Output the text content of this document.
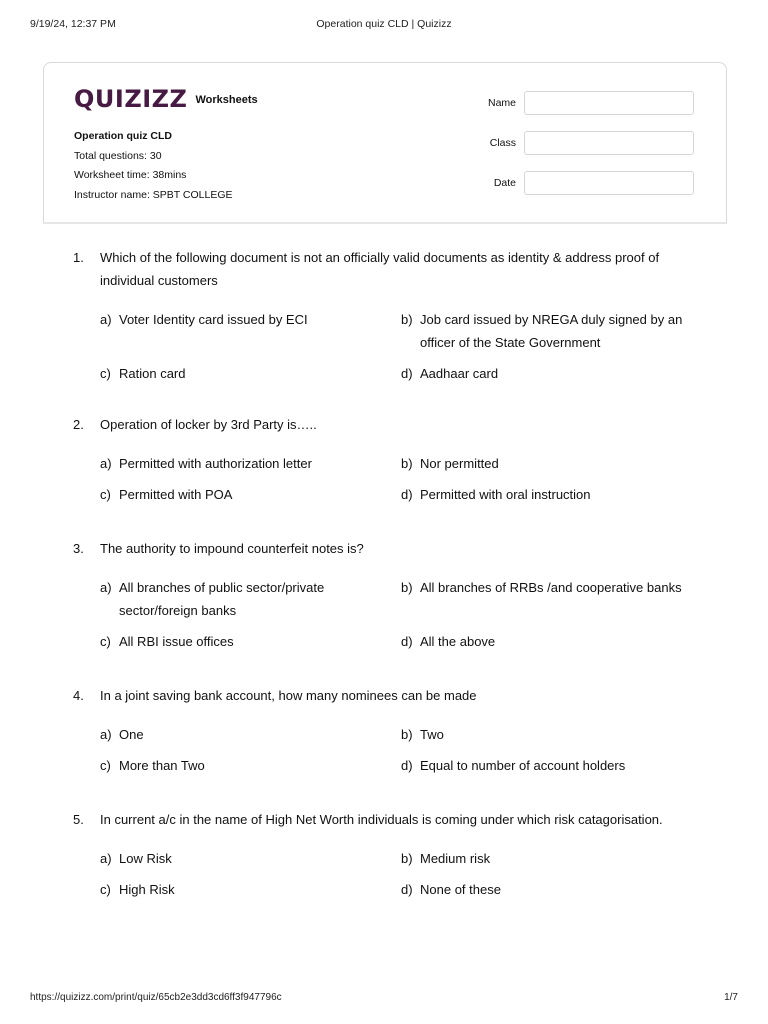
9/19/24, 12:37 PM	Operation quiz CLD | Quizizz
QUIZIZZ Worksheets
Operation quiz CLD
Total questions: 30
Worksheet time: 38mins
Instructor name: SPBT COLLEGE
Name
Class
Date
1.	Which of the following document is not an officially valid documents as identity & address proof of individual customers
a) Voter Identity card issued by ECI	b) Job card issued by NREGA duly signed by an officer of the State Government
c) Ration card	d) Aadhaar card
2.	Operation of locker by 3rd Party is…..
a) Permitted with authorization letter	b) Nor permitted
c) Permitted with POA	d) Permitted with oral instruction
3.	The authority to impound counterfeit notes is?
a) All branches of public sector/private sector/foreign banks
b) All branches of RRBs /and cooperative banks
c) All RBI issue offices	d) All the above
4.	In a joint saving bank account, how many nominees can be made
a) One	b) Two
c) More than Two	d) Equal to number of account holders
5.	In current a/c in the name of High Net Worth individuals is coming under which risk catagorisation.
a) Low Risk	b) Medium risk
c) High Risk	d) None of these
https://quizizz.com/print/quiz/65cb2e3dd3cd6ff3f947796c	1/7
